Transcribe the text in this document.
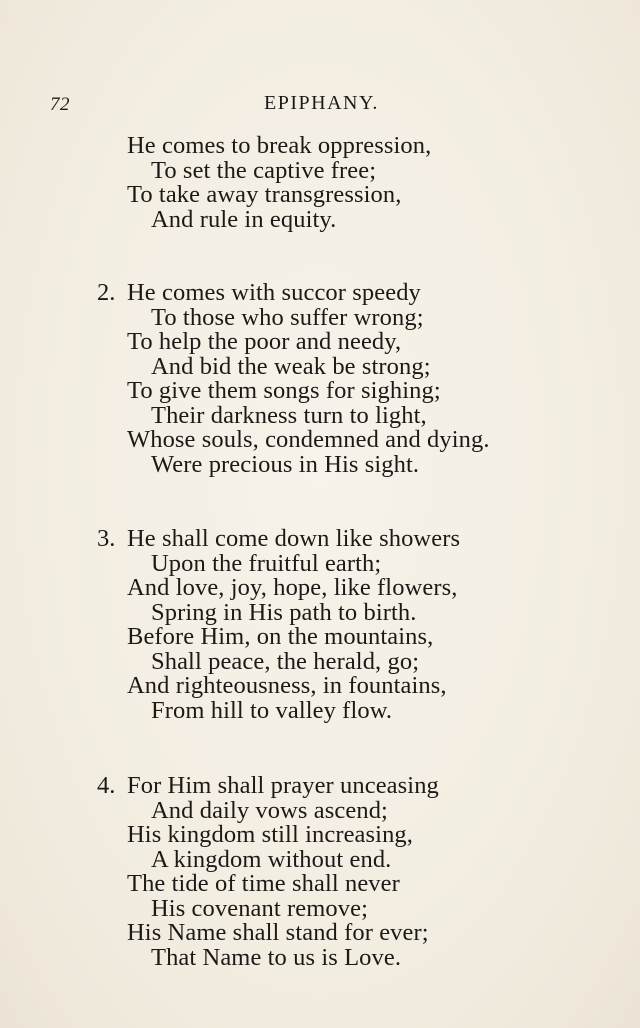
72	EPIPHANY.
He comes to break oppression,
To set the captive free;
To take away transgression,
And rule in equity.
2. He comes with succor speedy
To those who suffer wrong;
To help the poor and needy,
And bid the weak be strong;
To give them songs for sighing;
Their darkness turn to light,
Whose souls, condemned and dying.
Were precious in His sight.
3. He shall come down like showers
Upon the fruitful earth;
And love, joy, hope, like flowers,
Spring in His path to birth.
Before Him, on the mountains,
Shall peace, the herald, go;
And righteousness, in fountains,
From hill to valley flow.
4. For Him shall prayer unceasing
And daily vows ascend;
His kingdom still increasing,
A kingdom without end.
The tide of time shall never
His covenant remove;
His Name shall stand for ever;
That Name to us is Love.
